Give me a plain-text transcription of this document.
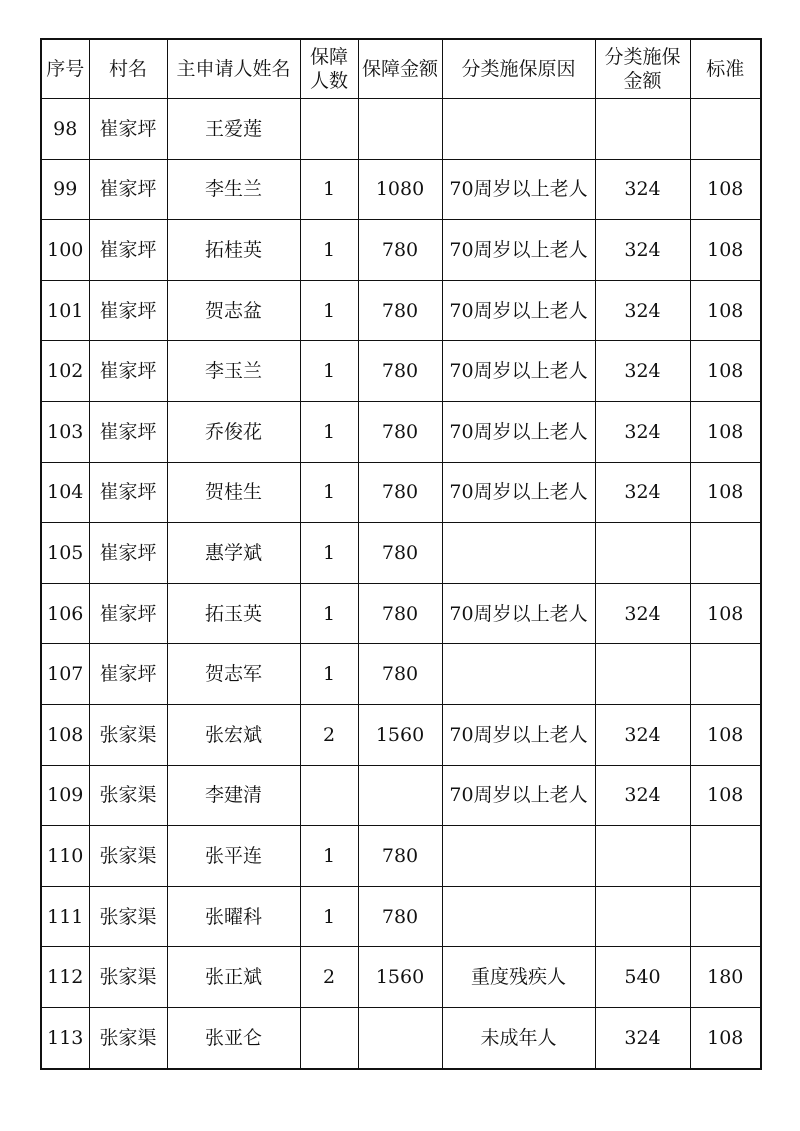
序号	村名	主申请人姓名	保障人数	保障金额	分类施保原因	分类施保金额	标准
98	崔家坪	王爱莲					
99	崔家坪	李生兰	1	1080	70周岁以上老人	324	108
100	崔家坪	拓桂英	1	780	70周岁以上老人	324	108
101	崔家坪	贺志盆	1	780	70周岁以上老人	324	108
102	崔家坪	李玉兰	1	780	70周岁以上老人	324	108
103	崔家坪	乔俊花	1	780	70周岁以上老人	324	108
104	崔家坪	贺桂生	1	780	70周岁以上老人	324	108
105	崔家坪	惠学斌	1	780			
106	崔家坪	拓玉英	1	780	70周岁以上老人	324	108
107	崔家坪	贺志军	1	780			
108	张家渠	张宏斌	2	1560	70周岁以上老人	324	108
109	张家渠	李建清			70周岁以上老人	324	108
110	张家渠	张平连	1	780			
111	张家渠	张曜科	1	780			
112	张家渠	张正斌	2	1560	重度残疾人	540	180
113	张家渠	张亚仑			未成年人	324	108
